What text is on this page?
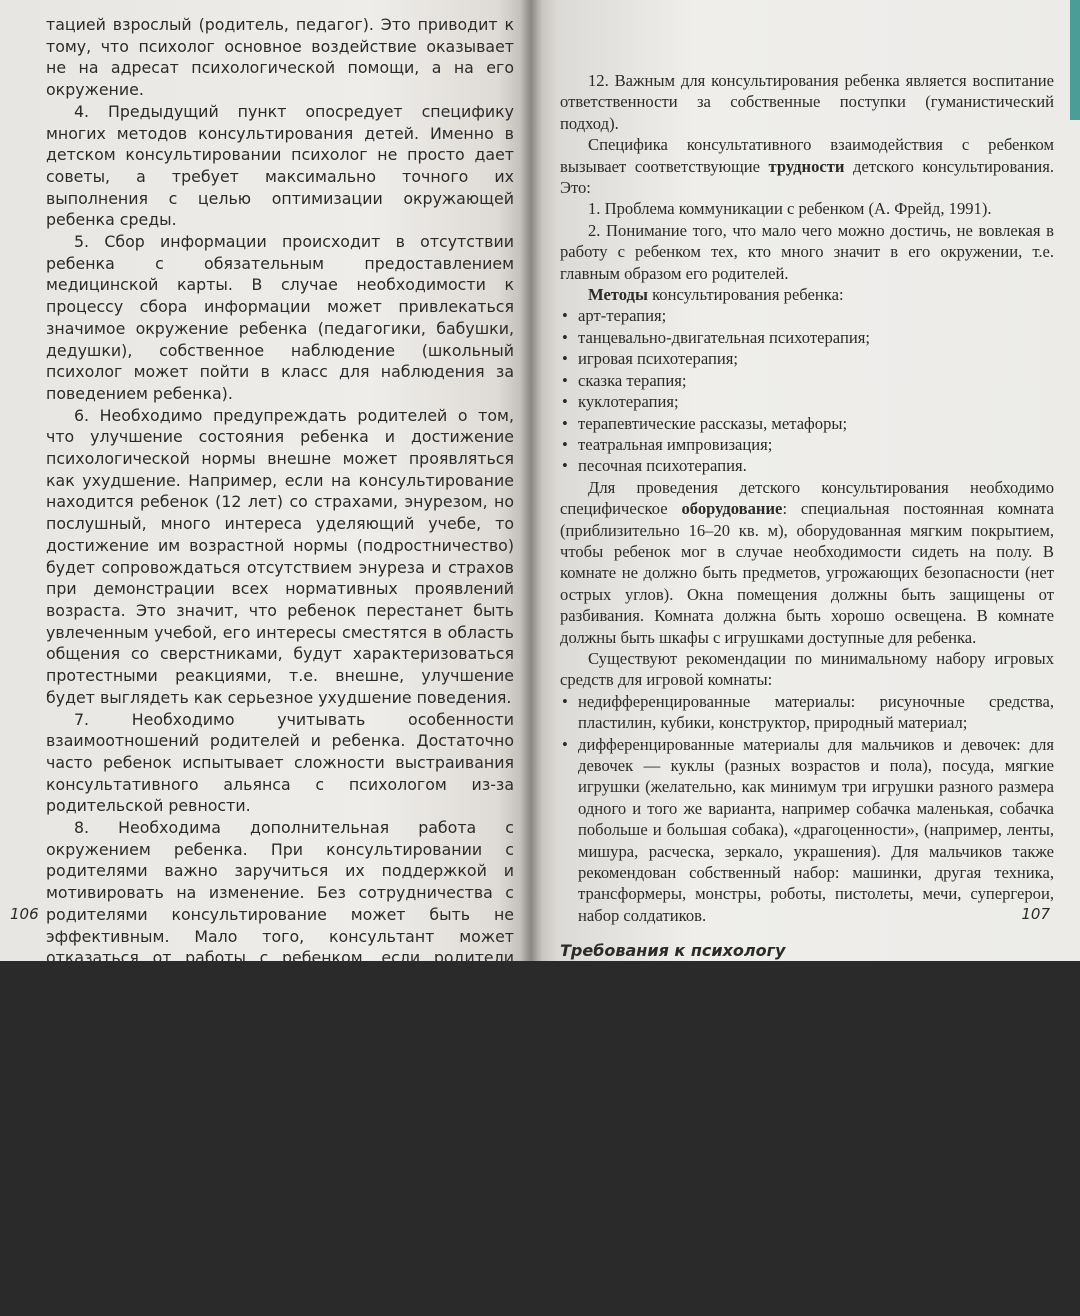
тацией взрослый (родитель, педагог). Это приводит к тому, что психолог основное воздействие оказывает не на адресат психологической помощи, а на его окружение.

4. Предыдущий пункт опосредует специфику многих методов консультирования детей. Именно в детском консультировании психолог не просто дает советы, а требует максимально точного их выполнения с целью оптимизации окружающей ребенка среды.

5. Сбор информации происходит в отсутствии ребенка с обязательным предоставлением медицинской карты. В случае необходимости к процессу сбора информации может привлекаться значимое окружение ребенка (педагогики, бабушки, дедушки), собственное наблюдение (школьный психолог может пойти в класс для наблюдения за поведением ребенка).

6. Необходимо предупреждать родителей о том, что улучшение состояния ребенка и достижение психологической нормы внешне может проявляться как ухудшение. Например, если на консультирование находится ребенок (12 лет) со страхами, энурезом, но послушный, много интереса уделяющий учебе, то достижение им возрастной нормы (подростничество) будет сопровождаться отсутствием энуреза и страхов при демонстрации всех нормативных проявлений возраста. Это значит, что ребенок перестанет быть увлеченным учебой, его интересы сместятся в область общения со сверстниками, будут характеризоваться протестными реакциями, т.е. внешне, улучшение будет выглядеть как серьезное ухудшение поведения.

7. Необходимо учитывать особенности взаимоотношений родителей и ребенка. Достаточно часто ребенок испытывает сложности выстраивания консультативного альянса с психологом из-за родительской ревности.

8. Необходима дополнительная работа с окружением ребенка. При консультировании с родителями важно заручиться их поддержкой и мотивировать на изменение. Без сотрудничества с родителями консультирование может быть не эффективным. Мало того, консультант может отказаться от работы с ребенком, если родители отказываются менять ситуацию.

9. Консультант не имеет права заниматься ребенком до 14 лет без согласия родителя.

10. Специфика направлений работы. Основной задачей консультирования является научение ребенка удовлетворять собственные потребности социально приемлемыми способами.

11. Необходимость использования в консультировании вспомогательных средств: фантазии, мифы, сказки; маленькие житейские истории; рисунок, рисование; музыка; игра с игрушками, ролевая игра; выполнение консультантом воспитательных задач; просветительская работа с родителями, консультирование по вопросам воспитания; работа с мотивацией; работа по изменению поведения.

106

12. Важным для консультирования ребенка является воспитание ответственности за собственные поступки (гуманистический подход).

Специфика консультативного взаимодействия с ребенком вызывает соответствующие трудности детского консультирования. Это:

1. Проблема коммуникации с ребенком (А. Фрейд, 1991).

2. Понимание того, что мало чего можно достичь, не вовлекая в работу с ребенком тех, кто много значит в его окружении, т.е. главным образом его родителей.

Методы консультирования ребенка:

• арт-терапия;
• танцевально-двигательная психотерапия;
• игровая психотерапия;
• сказка терапия;
• куклотерапия;
• терапевтические рассказы, метафоры;
• театральная импровизация;
• песочная психотерапия.

Для проведения детского консультирования необходимо специфическое оборудование: специальная постоянная комната (приблизительно 16–20 кв. м), оборудованная мягким покрытием, чтобы ребенок мог в случае необходимости сидеть на полу. В комнате не должно быть предметов, угрожающих безопасности (нет острых углов). Окна помещения должны быть защищены от разбивания. Комната должна быть хорошо освещена. В комнате должны быть шкафы с игрушками доступные для ребенка.

Существуют рекомендации по минимальному набору игровых средств для игровой комнаты:

• недифференцированные материалы: рисуночные средства, пластилин, кубики, конструктор, природный материал;
• дифференцированные материалы для мальчиков и девочек: для девочек — куклы (разных возрастов и пола), посуда, мягкие игрушки (желательно, как минимум три игрушки разного размера одного и того же варианта, например собачка маленькая, собачка побольше и большая собака), «драгоценности», (например, ленты, мишура, расческа, зеркало, украшения). Для мальчиков также рекомендован собственный набор: машинки, другая техника, трансформеры, монстры, роботы, пистолеты, мечи, супергерои, набор солдатиков.
Требования к психологу

Для осуществления консультирования с ребенком выделяется ряд требований к специалисту:

• необходимо найти контакт с ребенком, уметь устанавливать доверительные и искренние отношения с ребенком;
107
